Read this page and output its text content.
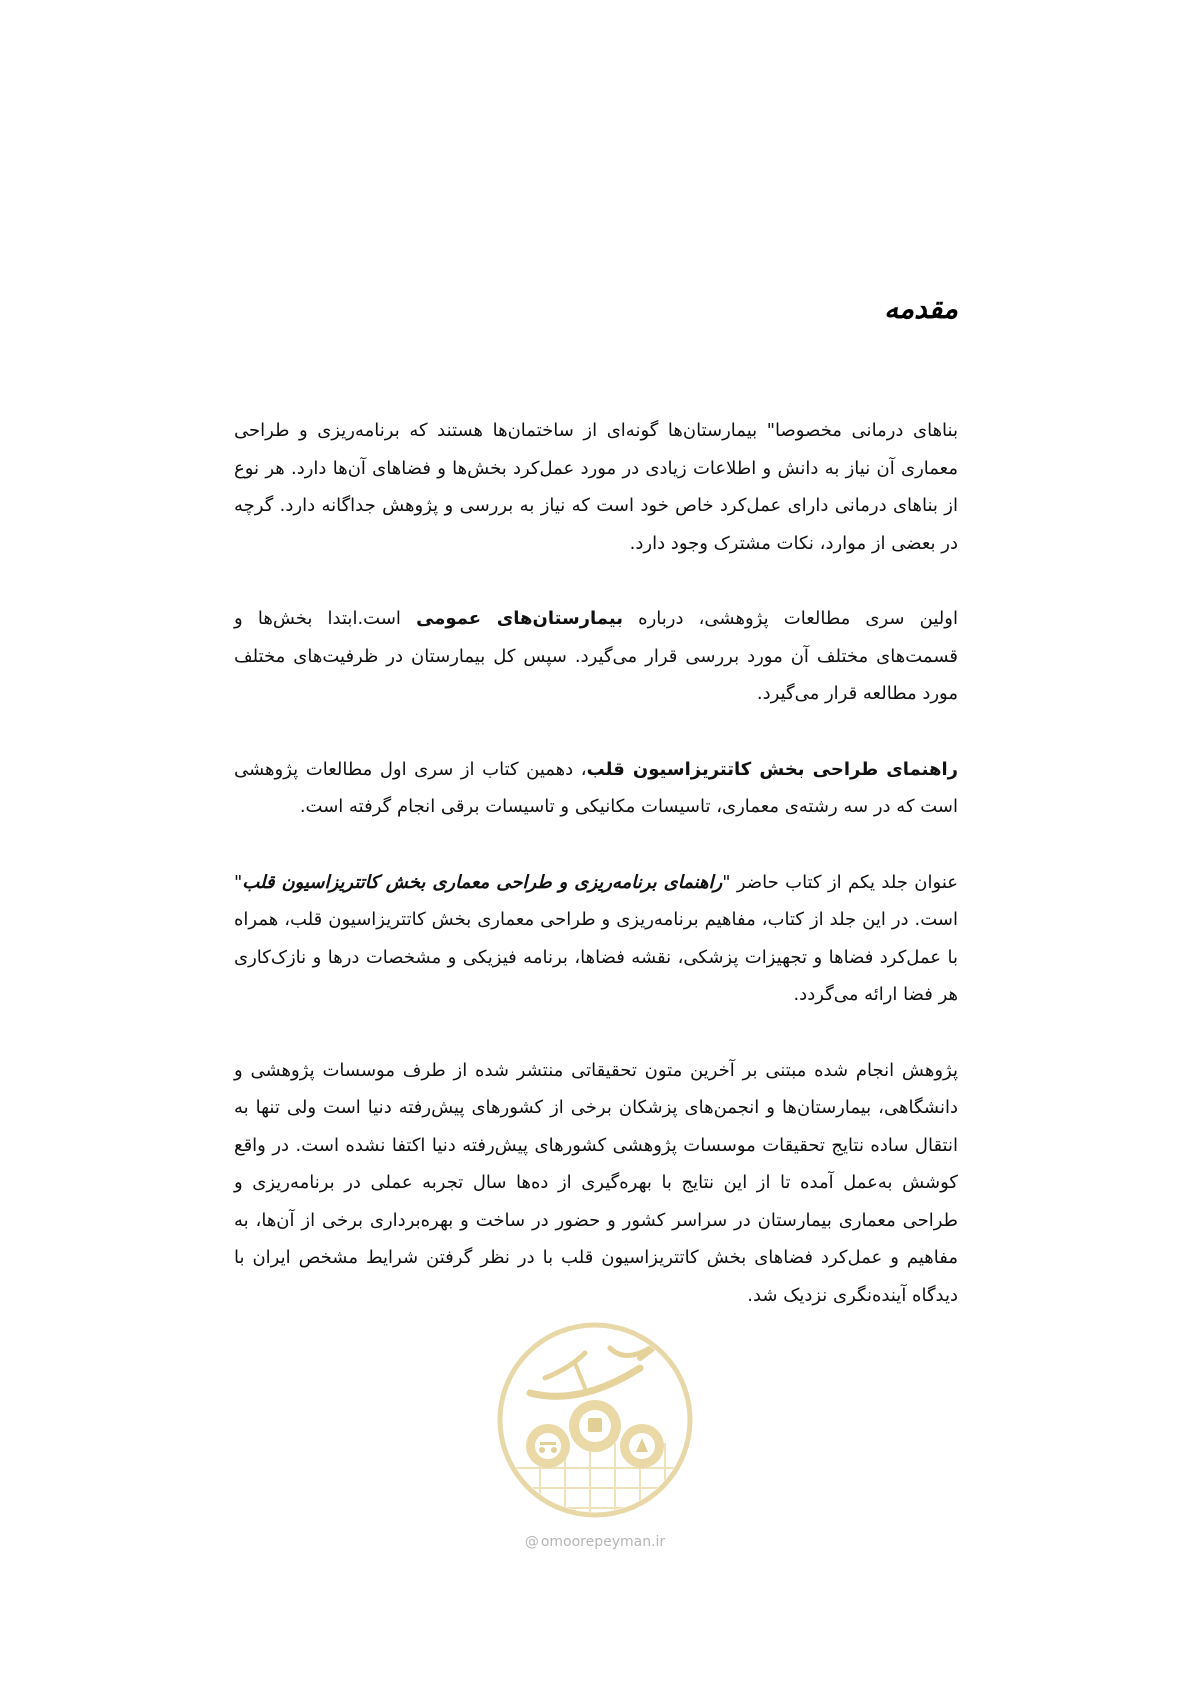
مقدمه

بناهای درمانی مخصوصا" بیمارستان‌ها گونه‌ای از ساختمان‌ها هستند که برنامه‌ریزی و طراحی معماری آن نیاز به دانش و اطلاعات زیادی در مورد عمل‌کرد بخش‌ها و فضاهای آن‌ها دارد. هر نوع از بناهای درمانی دارای عمل‌کرد خاص خود است که نیاز به بررسی و پژوهش جداگانه دارد. گرچه در بعضی از موارد، نکات مشترک وجود دارد.

اولین سری مطالعات پژوهشی، درباره بیمارستان‌های عمومی است.ابتدا بخش‌ها و قسمت‌های مختلف آن مورد بررسی قرار می‌گیرد. سپس کل بیمارستان در ظرفیت‌های مختلف مورد مطالعه قرار می‌گیرد.

راهنمای طراحی بخش کاتتریزاسیون قلب، دهمین کتاب از سری اول مطالعات پژوهشی است که در سه رشته‌ی معماری، تاسیسات مکانیکی و تاسیسات برقی انجام گرفته است.

عنوان جلد یکم از کتاب حاضر "راهنمای برنامه‌ریزی و طراحی معماری بخش کاتتریزاسیون قلب" است. در این جلد از کتاب، مفاهیم برنامه‌ریزی و طراحی معماری بخش کاتتریزاسیون قلب، همراه با عمل‌کرد فضاها و تجهیزات پزشکی، نقشه فضاها، برنامه فیزیکی و مشخصات درها و نازک‌کاری هر فضا ارائه می‌گردد.

پژوهش انجام شده مبتنی بر آخرین متون تحقیقاتی منتشر شده از طرف موسسات پژوهشی و دانشگاهی، بیمارستان‌ها و انجمن‌های پزشکان برخی از کشورهای پیش‌رفته دنیا است ولی تنها به انتقال ساده نتایج تحقیقات موسسات پژوهشی کشورهای پیش‌رفته دنیا اکتفا نشده است. در واقع کوشش به‌عمل آمده تا از این نتایج با بهره‌گیری از ده‌ها سال تجربه عملی در برنامه‌ریزی و طراحی معماری بیمارستان در سراسر کشور و حضور در ساخت و بهره‌برداری برخی از آن‌ها، به مفاهیم و عمل‌کرد فضاهای بخش کاتتریزاسیون قلب با در نظر گرفتن شرایط مشخص ایران با دیدگاه آینده‌نگری نزدیک شد.

@ omoorepeyman.ir
